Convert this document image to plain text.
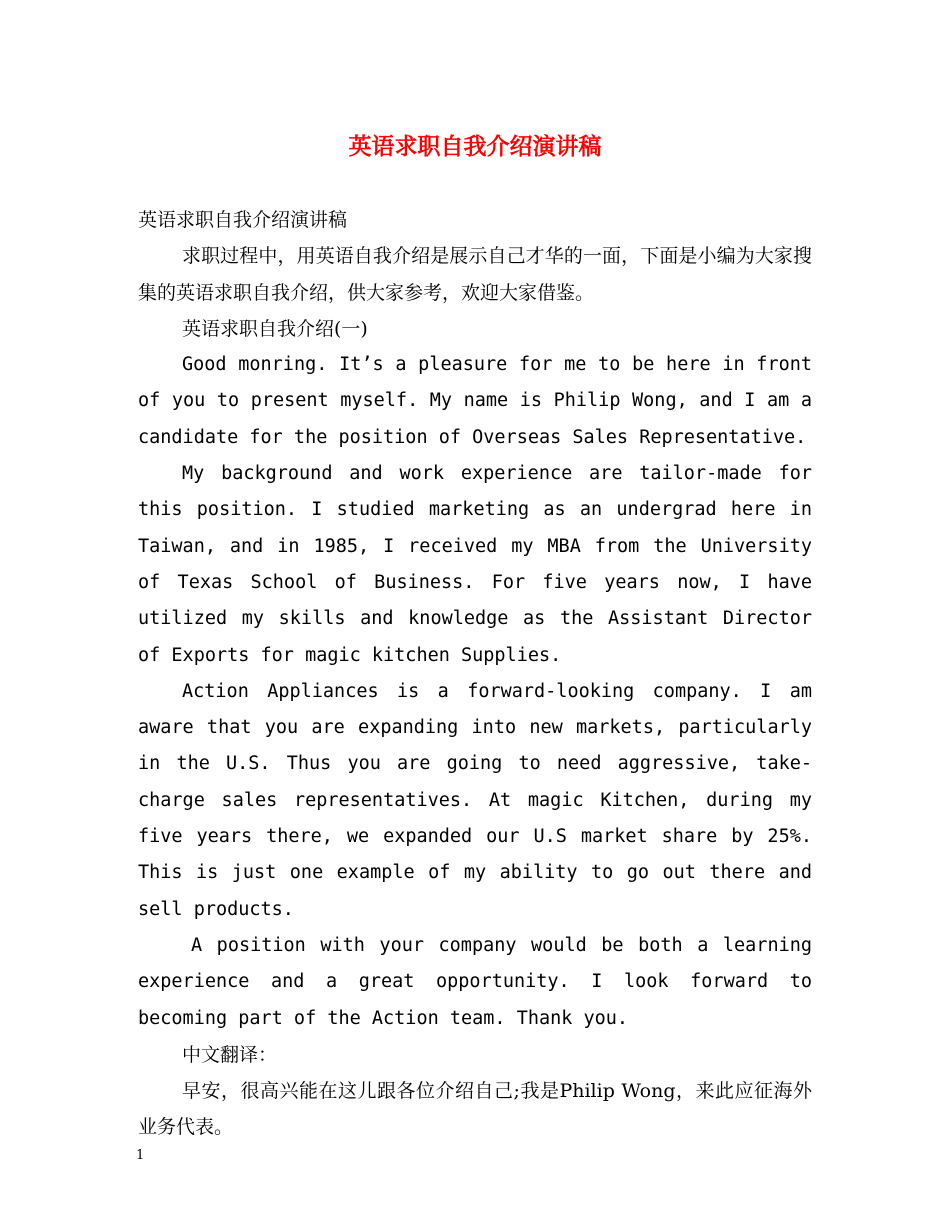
英语求职自我介绍演讲稿

英语求职自我介绍演讲稿

求职过程中，用英语自我介绍是展示自己才华的一面，下面是小编为大家搜集的英语求职自我介绍，供大家参考，欢迎大家借鉴。

英语求职自我介绍(一)

Good monring. It’s a pleasure for me to be here in front of you to present myself. My name is Philip Wong, and I am a candidate for the position of Overseas Sales Representative.

My background and work experience are tailor-made for this position. I studied marketing as an undergrad here in Taiwan, and in 1985, I received my MBA from the University of Texas School of Business. For five years now, I have utilized my skills and knowledge as the Assistant Director of Exports for magic kitchen Supplies.

Action Appliances is a forward-looking company. I am aware that you are expanding into new markets, particularly in the U.S. Thus you are going to need aggressive, take-charge sales representatives. At magic Kitchen, during my five years there, we expanded our U.S market share by 25%. This is just one example of my ability to go out there and sell products.

A position with your company would be both a learning experience and a great opportunity. I look forward to becoming part of the Action team. Thank you.

中文翻译：

早安，很高兴能在这儿跟各位介绍自己;我是Philip Wong，来此应征海外业务代表。

1
